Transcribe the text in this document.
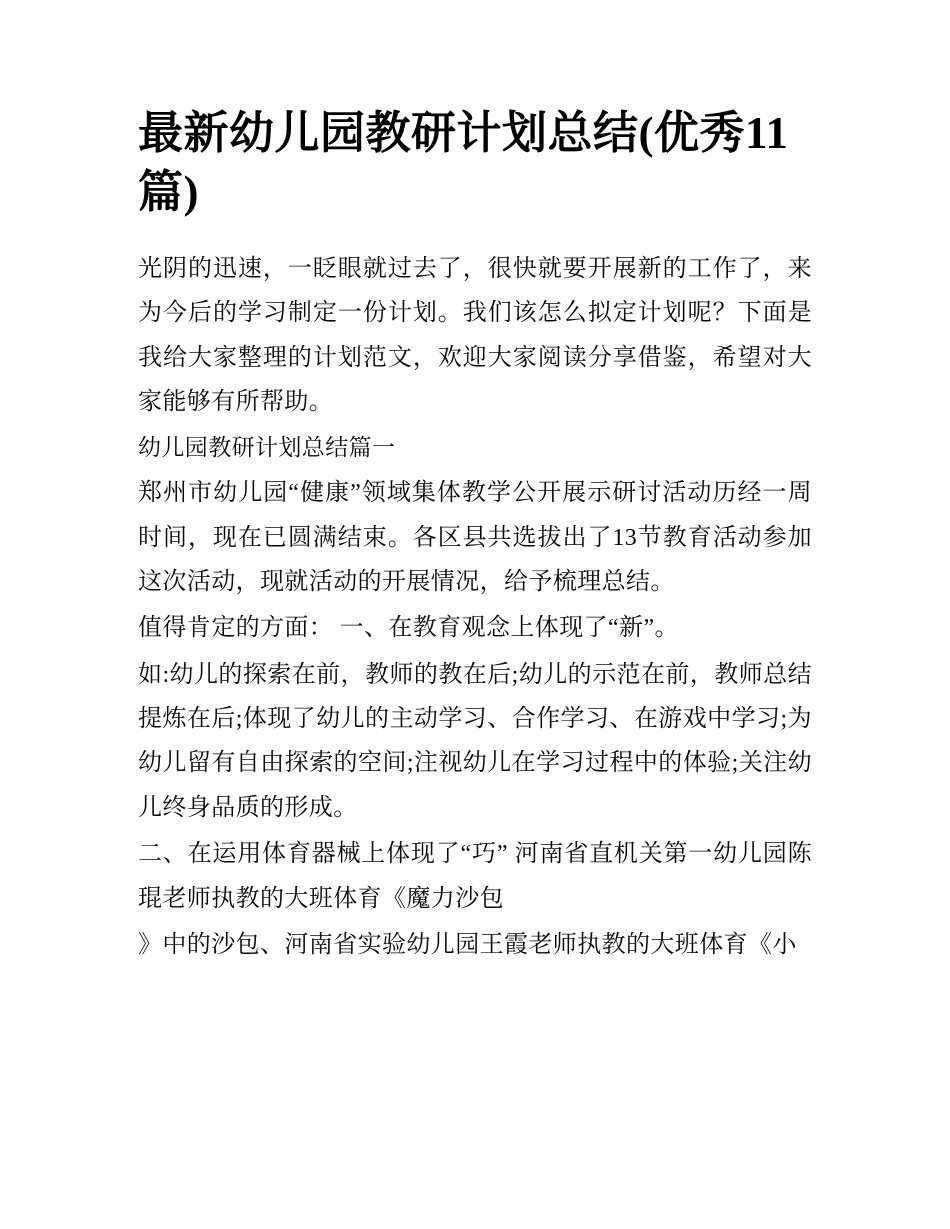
最新幼儿园教研计划总结(优秀11篇)

光阴的迅速，一眨眼就过去了，很快就要开展新的工作了，来为今后的学习制定一份计划。我们该怎么拟定计划呢？下面是我给大家整理的计划范文，欢迎大家阅读分享借鉴，希望对大家能够有所帮助。

幼儿园教研计划总结篇一

郑州市幼儿园“健康”领域集体教学公开展示研讨活动历经一周时间，现在已圆满结束。各区县共选拔出了13节教育活动参加这次活动，现就活动的开展情况，给予梳理总结。

值得肯定的方面： 一、在教育观念上体现了“新”。

如:幼儿的探索在前，教师的教在后;幼儿的示范在前，教师总结提炼在后;体现了幼儿的主动学习、合作学习、在游戏中学习;为幼儿留有自由探索的空间;注视幼儿在学习过程中的体验;关注幼儿终身品质的形成。

二、在运用体育器械上体现了“巧” 河南省直机关第一幼儿园陈琨老师执教的大班体育《魔力沙包

》中的沙包、河南省实验幼儿园王霞老师执教的大班体育《小
